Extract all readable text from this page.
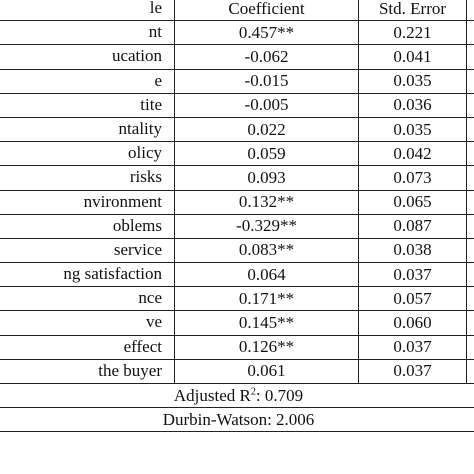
le	Coefficient	Std. Error	

nt	0.457**	0.221	

ucation	-0.062	0.041	

e	-0.015	0.035	

tite	-0.005	0.036	

ntality	0.022	0.035	

olicy	0.059	0.042	

risks	0.093	0.073	

nvironment	0.132**	0.065	

oblems	-0.329**	0.087	

service	0.083**	0.038	

ng satisfaction	0.064	0.037	

nce	0.171**	0.057	

ve	0.145**	0.060	

effect	0.126**	0.037	

the buyer	0.061	0.037	
Adjusted $R^2$: 0.709			
Durbin-Watson: 2.006			
